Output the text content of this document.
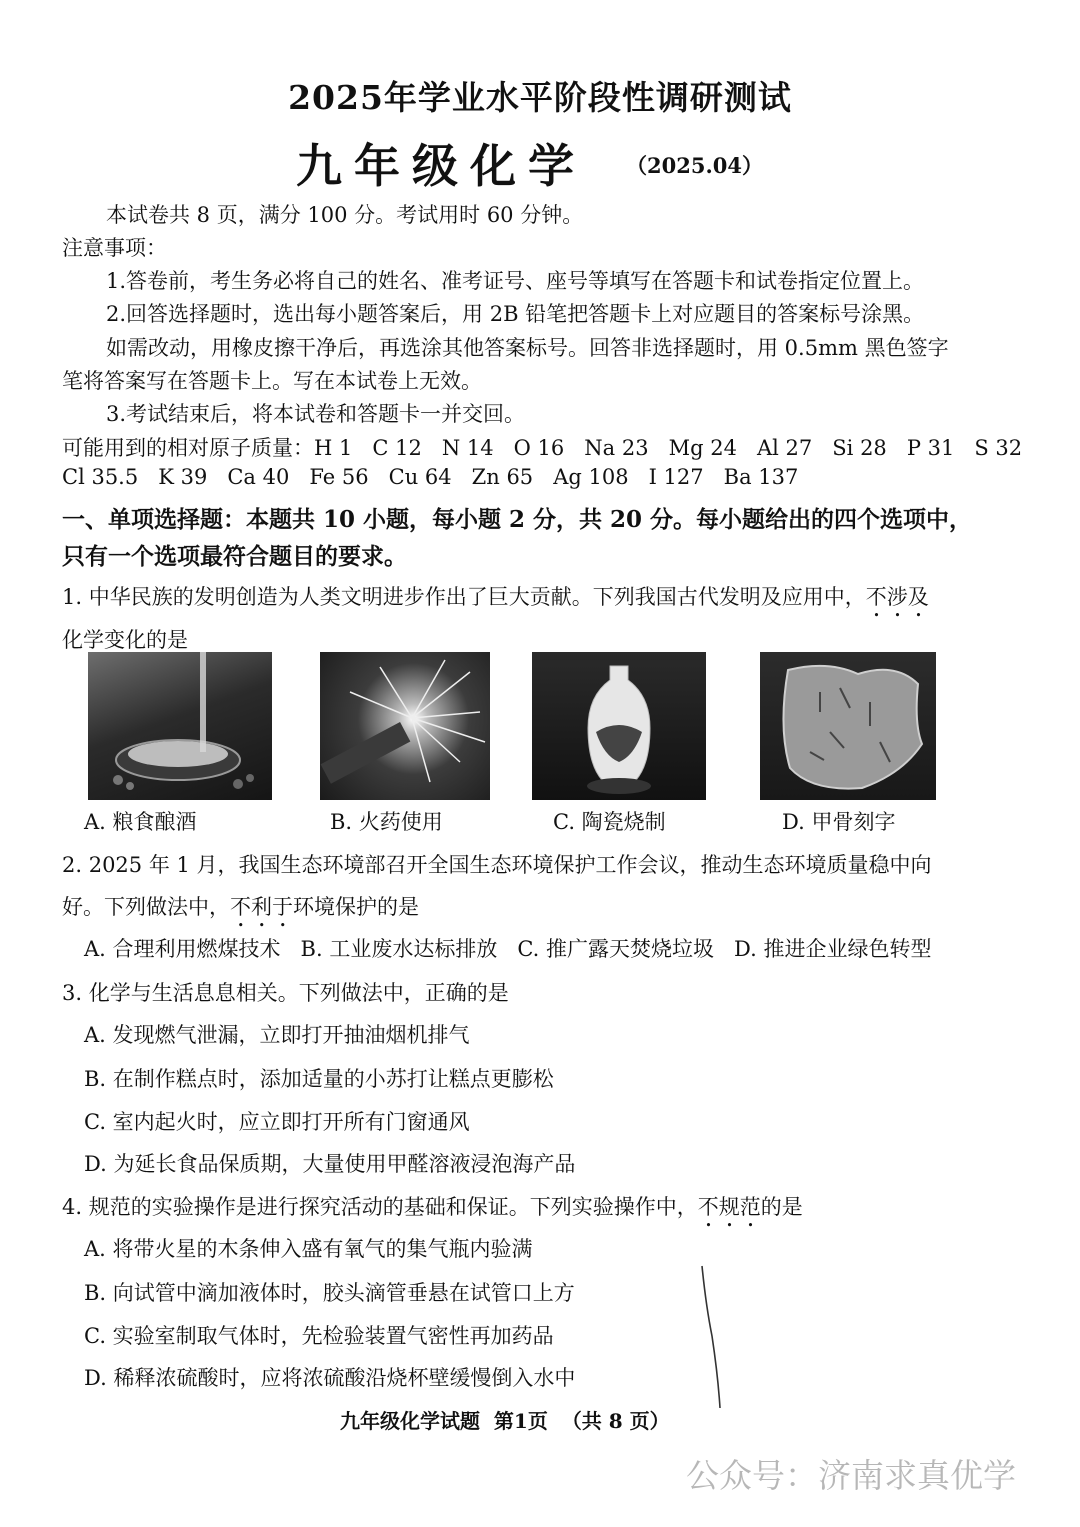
2025年学业水平阶段性调研测试
九年级化学 （2025.04）
本试卷共 8 页，满分 100 分。考试用时 60 分钟。
注意事项：
1.答卷前，考生务必将自己的姓名、准考证号、座号等填写在答题卡和试卷指定位置上。
2.回答选择题时，选出每小题答案后，用 2B 铅笔把答题卡上对应题目的答案标号涂黑。
如需改动，用橡皮擦干净后，再选涂其他答案标号。回答非选择题时，用 0.5mm 黑色签字
笔将答案写在答题卡上。写在本试卷上无效。
3.考试结束后，将本试卷和答题卡一并交回。
可能用到的相对原子质量：H 1   C 12   N 14   O 16   Na 23   Mg 24   Al 27   Si 28   P 31   S 32
Cl 35.5   K 39   Ca 40   Fe 56   Cu 64   Zn 65   Ag 108   I 127   Ba 137
一、单项选择题：本题共 10 小题，每小题 2 分，共 20 分。每小题给出的四个选项中，
只有一个选项最符合题目的要求。
1. 中华民族的发明创造为人类文明进步作出了巨大贡献。下列我国古代发明及应用中，不涉及
化学变化的是
A. 粮食酿酒	B. 火药使用	C. 陶瓷烧制	D. 甲骨刻字
2. 2025 年 1 月，我国生态环境部召开全国生态环境保护工作会议，推动生态环境质量稳中向
好。下列做法中，不利于环境保护的是
A. 合理利用燃煤技术   B. 工业废水达标排放   C. 推广露天焚烧垃圾   D. 推进企业绿色转型
3. 化学与生活息息相关。下列做法中，正确的是
A. 发现燃气泄漏，立即打开抽油烟机排气
B. 在制作糕点时，添加适量的小苏打让糕点更膨松
C. 室内起火时，应立即打开所有门窗通风
D. 为延长食品保质期，大量使用甲醛溶液浸泡海产品
4. 规范的实验操作是进行探究活动的基础和保证。下列实验操作中，不规范的是
A. 将带火星的木条伸入盛有氧气的集气瓶内验满
B. 向试管中滴加液体时，胶头滴管垂悬在试管口上方
C. 实验室制取气体时，先检验装置气密性再加药品
D. 稀释浓硫酸时，应将浓硫酸沿烧杯壁缓慢倒入水中
九年级化学试题  第1页  （共 8 页）
公众号：济南求真优学
